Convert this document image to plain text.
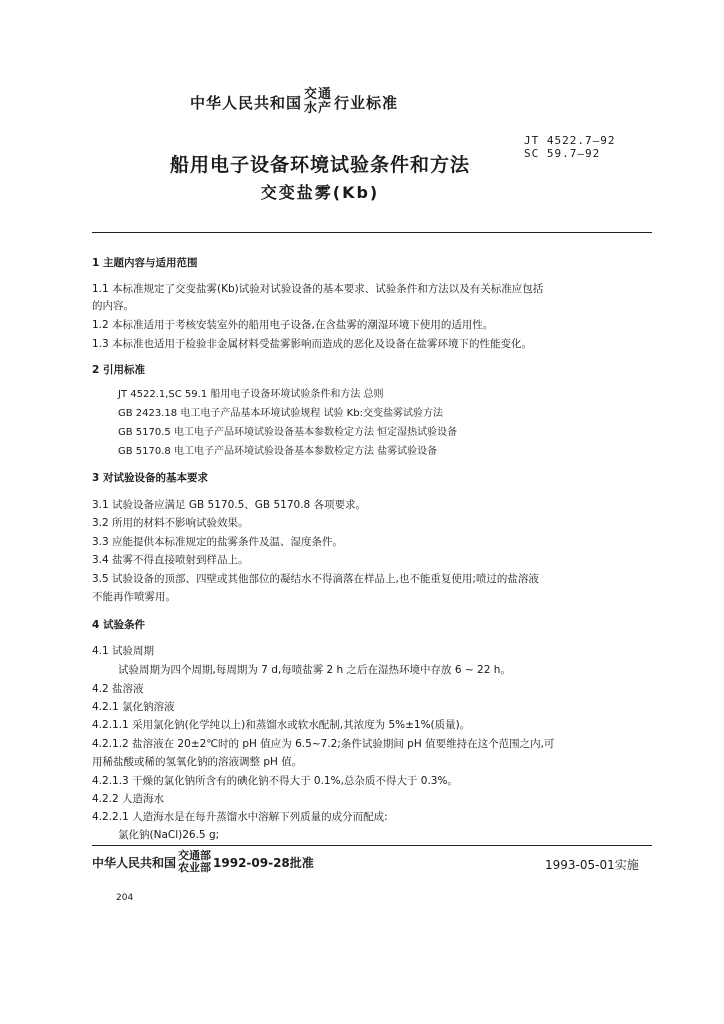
中华人民共和国 交通
水产 行业标准
JT 4522.7—92
SC 59.7—92
船用电子设备环境试验条件和方法
交变盐雾(Kb)
1 主题内容与适用范围
1.1 本标准规定了交变盐雾(Kb)试验对试验设备的基本要求、试验条件和方法以及有关标准应包括
的内容。
1.2 本标准适用于考核安装室外的船用电子设备,在含盐雾的潮湿环境下使用的适用性。
1.3 本标准也适用于检验非金属材料受盐雾影响而造成的恶化及设备在盐雾环境下的性能变化。
2 引用标准
JT 4522.1,SC 59.1 船用电子设备环境试验条件和方法 总则
GB 2423.18 电工电子产品基本环境试验规程 试验 Kb:交变盐雾试验方法
GB 5170.5 电工电子产品环境试验设备基本参数检定方法 恒定湿热试验设备
GB 5170.8 电工电子产品环境试验设备基本参数检定方法 盐雾试验设备
3 对试验设备的基本要求
3.1 试验设备应满足 GB 5170.5、GB 5170.8 各项要求。
3.2 所用的材料不影响试验效果。
3.3 应能提供本标准规定的盐雾条件及温、湿度条件。
3.4 盐雾不得直接喷射到样品上。
3.5 试验设备的顶部、四壁或其他部位的凝结水不得滴落在样品上,也不能重复使用;喷过的盐溶液
不能再作喷雾用。
4 试验条件
4.1 试验周期
试验周期为四个周期,每周期为 7 d,每喷盐雾 2 h 之后在湿热环境中存放 6 ~ 22 h。
4.2 盐溶液
4.2.1 氯化钠溶液
4.2.1.1 采用氯化钠(化学纯以上)和蒸馏水或软水配制,其浓度为 5%±1%(质量)。
4.2.1.2 盐溶液在 20±2℃时的 pH 值应为 6.5~7.2;条件试验期间 pH 值要维持在这个范围之内,可
用稀盐酸或稀的氢氧化钠的溶液调整 pH 值。
4.2.1.3 干燥的氯化钠所含有的碘化钠不得大于 0.1%,总杂质不得大于 0.3%。
4.2.2 人造海水
4.2.2.1 人造海水是在每升蒸馏水中溶解下列质量的成分而配成:
氯化钠(NaCl)26.5 g;
中华人民共和国 交通部
农业部 1992-09-28批准	1993-05-01实施
204
